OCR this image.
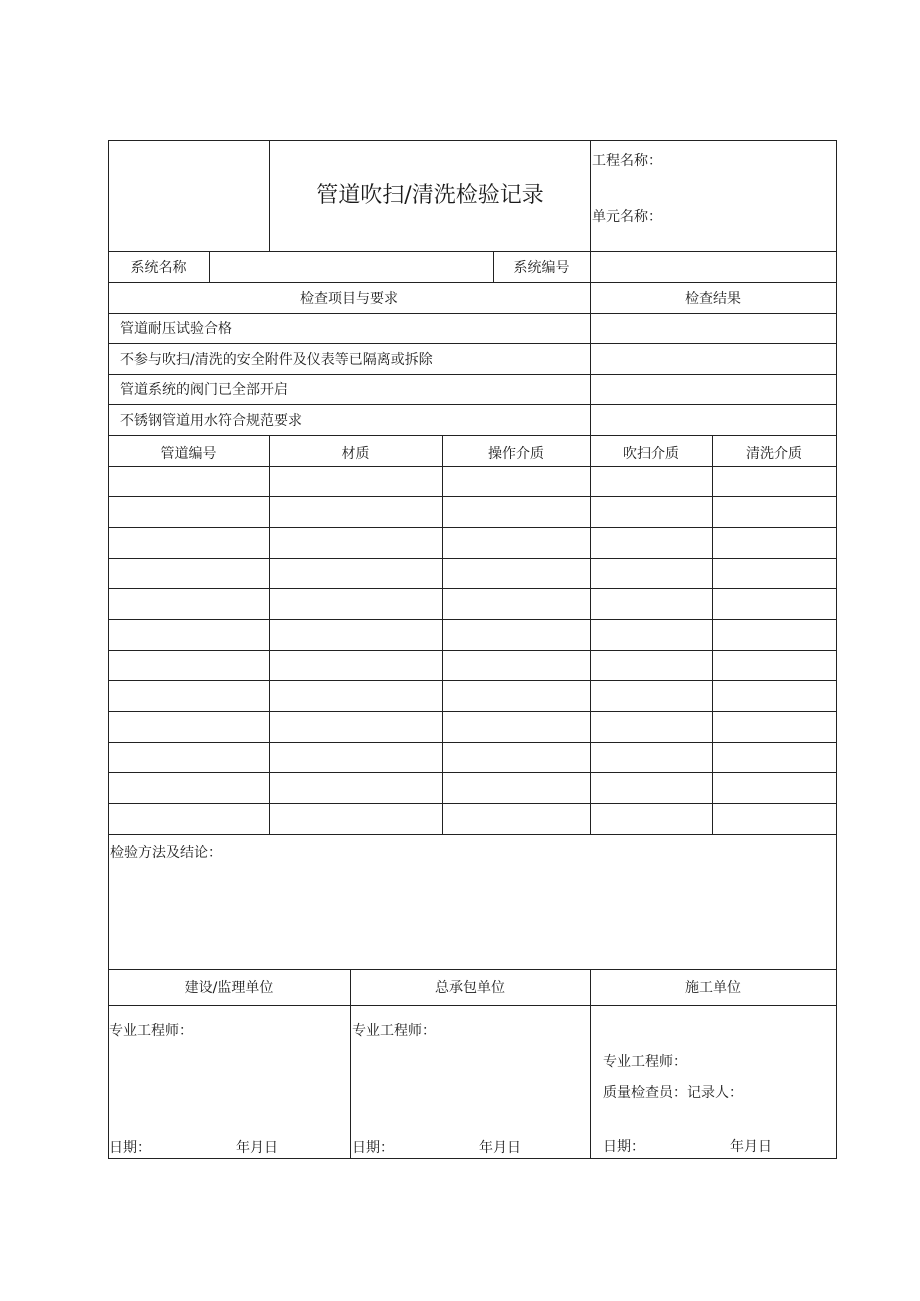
管道吹扫/清洗检验记录
工程名称：
单元名称：
系统名称	系统编号
检查项目与要求	检查结果
管道耐压试验合格
不参与吹扫/清洗的安全附件及仪表等已隔离或拆除
管道系统的阀门已全部开启
不锈钢管道用水符合规范要求
管道编号	材质	操作介质	吹扫介质	清洗介质
检验方法及结论：
建设/监理单位	总承包单位	施工单位
专业工程师：
日期：	年月日
专业工程师：
日期：	年月日
专业工程师：
质量检查员：记录人：
日期：	年月日
